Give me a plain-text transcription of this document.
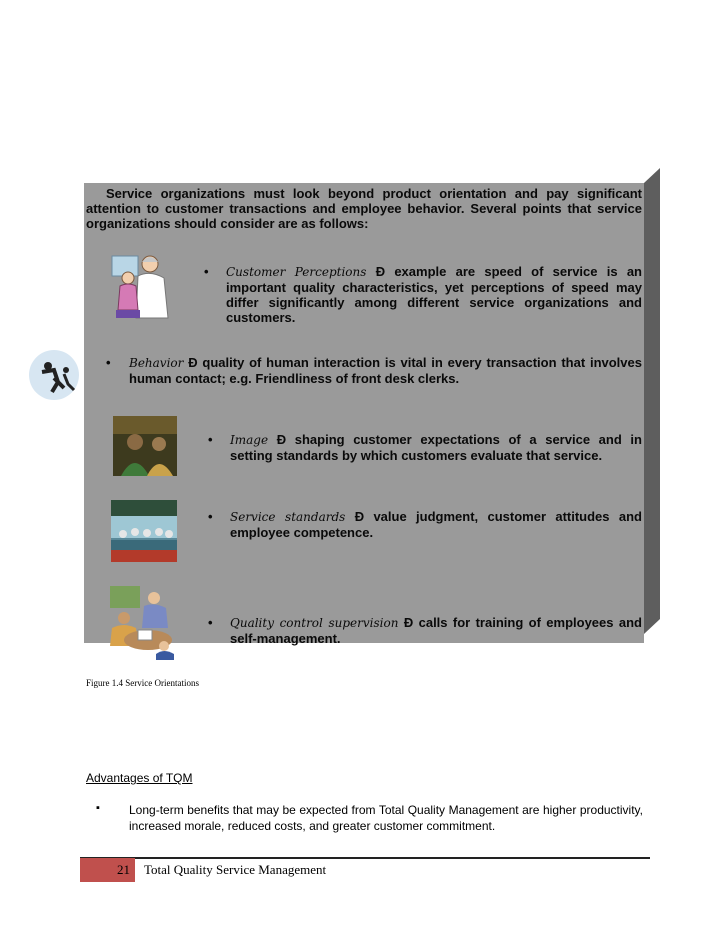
Service organizations must look beyond product orientation and pay significant attention to customer transactions and employee behavior. Several points that service organizations should consider are as follows:
• Customer Perceptions Ð example are speed of service is an important quality characteristics, yet perceptions of speed may differ significantly among different service organizations and customers.
• Behavior Ð quality of human interaction is vital in every transaction that involves human contact; e.g. Friendliness of front desk clerks.
• Image Ð shaping customer expectations of a service and in setting standards by which customers evaluate that service.
• Service standards Ð value judgment, customer attitudes and employee competence.
• Quality control supervision Ð calls for training of employees and self-management.
Figure 1.4 Service Orientations
Advantages of TQM
▪ Long-term benefits that may be expected from Total Quality Management are higher productivity, increased morale, reduced costs, and greater customer commitment.
21 Total Quality Service Management
